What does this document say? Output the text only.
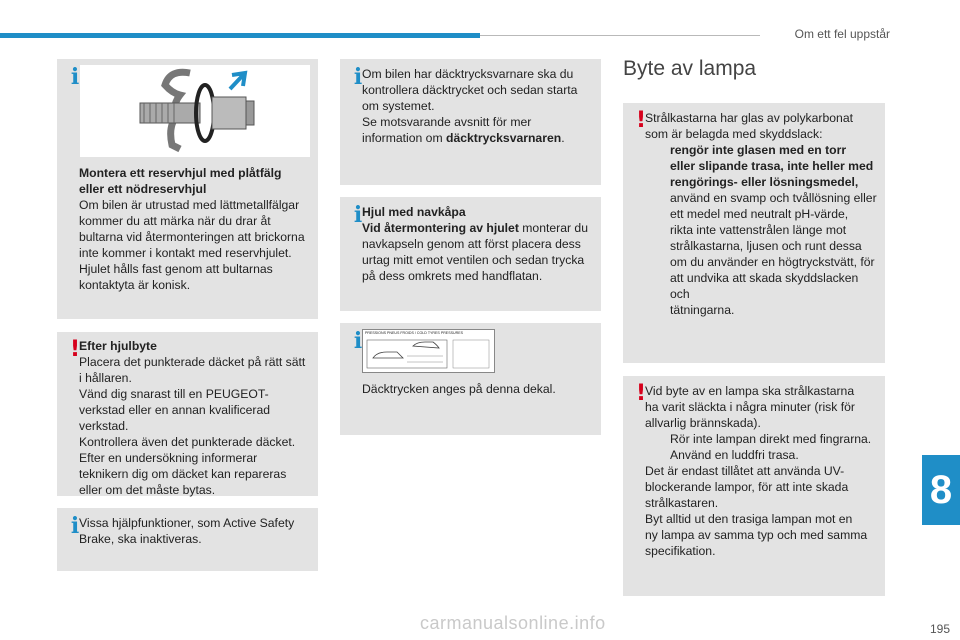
Om ett fel uppstår
i
Montera ett reservhjul med plåtfälg
eller ett nödreservhjul
Om bilen är utrustad med lättmetallfälgar
kommer du att märka när du drar åt
bultarna vid återmonteringen att brickorna
inte kommer i kontakt med reservhjulet.
Hjulet hålls fast genom att bultarnas
kontaktyta är konisk.
!
Efter hjulbyte
Placera det punkterade däcket på rätt sätt
i hållaren.
Vänd dig snarast till en PEUGEOT-
verkstad eller en annan kvalificerad
verkstad.
Kontrollera även det punkterade däcket.
Efter en undersökning informerar
teknikern dig om däcket kan repareras
eller om det måste bytas.
i Vissa hjälpfunktioner, som Active Safety
Brake, ska inaktiveras.
i Om bilen har däcktrycksvarnare ska du
kontrollera däcktrycket och sedan starta
om systemet.
Se motsvarande avsnitt för mer
information om däcktrycksvarnaren.
i Hjul med navkåpa
Vid återmontering av hjulet monterar du
navkapseln genom att först placera dess
urtag mitt emot ventilen och sedan trycka
på dess omkrets med handflatan.
i PRESSIONS PNEUS FROIDS / COLD TYRES PRESSURES
Däcktrycken anges på denna dekal.
Byte av lampa
!
Strålkastarna har glas av polykarbonat
som är belagda med skyddslack:
rengör inte glasen med en torr
eller slipande trasa, inte heller med
rengörings- eller lösningsmedel,
använd en svamp och tvållösning eller
ett medel med neutralt pH-värde,
rikta inte vattenstrålen länge mot
strålkastarna, ljusen och runt dessa
om du använder en högtryckstvätt, för
att undvika att skada skyddslacken och
tätningarna.
!
Vid byte av en lampa ska strålkastarna
ha varit släckta i några minuter (risk för
allvarlig brännskada).
Rör inte lampan direkt med fingrarna.
Använd en luddfri trasa.
Det är endast tillåtet att använda UV-
blockerande lampor, för att inte skada
strålkastaren.
Byt alltid ut den trasiga lampan mot en
ny lampa av samma typ och med samma
specifikation.
8
195
carmanualsonline.info
